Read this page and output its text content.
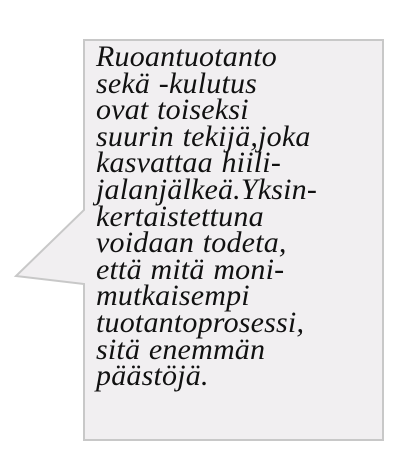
Ruoantuotanto
sekä -kulutus
ovat toiseksi
suurin tekijä,joka
kasvattaa hiili-
jalanjälkeä.Yksin-
kertaistettuna
voidaan todeta,
että mitä moni-
mutkaisempi
tuotantoprosessi,
sitä enemmän
päästöjä.
